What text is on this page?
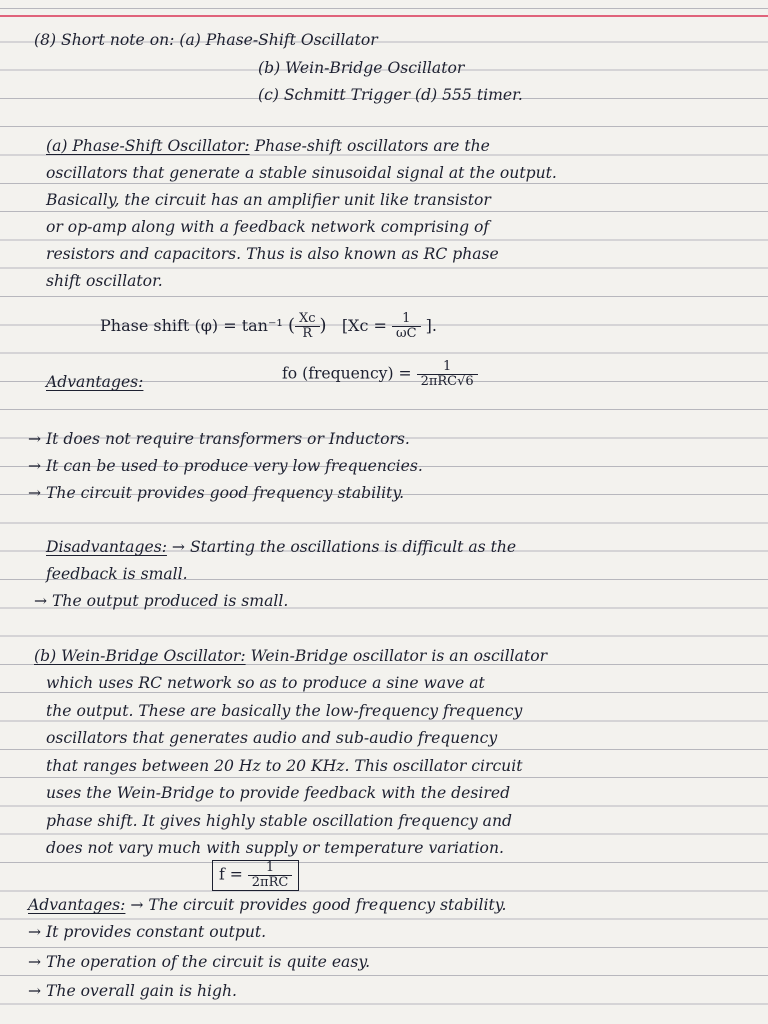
(8) Short note on: (a) Phase-Shift Oscillator
(b) Wein-Bridge Oscillator
(c) Schmitt Trigger (d) 555 timer.
(a) Phase-Shift Oscillator: Phase-shift oscillators are the
oscillators that generate a stable sinusoidal signal at the output.
Basically, the circuit has an amplifier unit like transistor
or op-amp along with a feedback network comprising of
resistors and capacitors. Thus is also known as RC phase
shift oscillator.
Phase shift (φ) = tan⁻¹ ( $\frac{Xc}{R}$ ) [$Xc = \frac{1}{\omega C}$ ].
Advantages:	fo (frequency) = $\frac{1}{\text{2πRC√6}}$
→ It does not require transformers or Inductors.
→ It can be used to produce very low frequencies.
→ The circuit provides good frequency stability.
Disadvantages: → Starting the oscillations is difficult as the
feedback is small.
→ The output produced is small.
(b) Wein-Bridge Oscillator: Wein-Bridge oscillator is an oscillator
which uses RC network so as to produce a sine wave at
the output. These are basically the low-frequency frequency
oscillators that generates audio and sub-audio frequency
that ranges between 20 Hz to 20 KHz. This oscillator circuit
uses the Wein-Bridge to provide feedback with the desired
phase shift. It gives highly stable oscillation frequency and
does not vary much with supply or temperature variation.
$f = \frac{1}{\text{2πRC}}$
Advantages: → The circuit provides good frequency stability.
→ It provides constant output.
→ The operation of the circuit is quite easy.
→ The overall gain is high.
